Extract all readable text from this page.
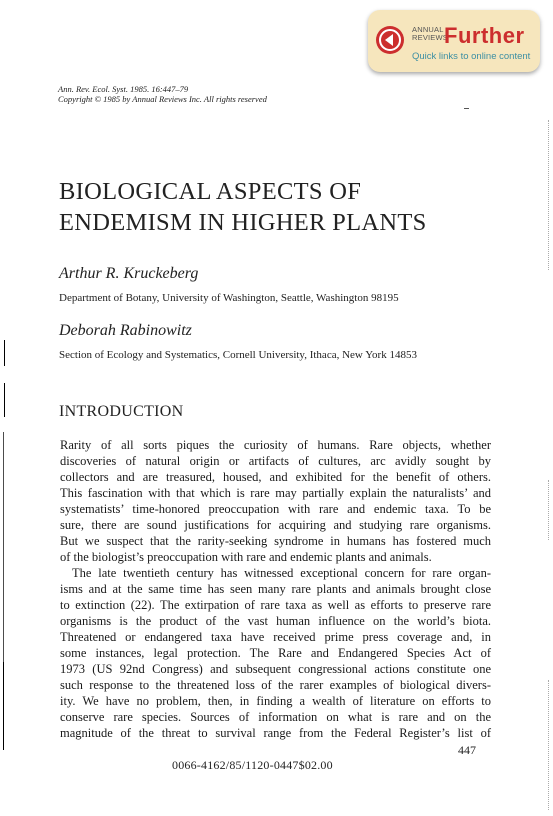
ANNUAL
REVIEWS
Further
Quick links to online content
Ann. Rev. Ecol. Syst. 1985. 16:447–79
Copyright © 1985 by Annual Reviews Inc. All rights reserved
BIOLOGICAL ASPECTS OF
ENDEMISM IN HIGHER PLANTS
Arthur R. Kruckeberg
Department of Botany, University of Washington, Seattle, Washington 98195
Deborah Rabinowitz
Section of Ecology and Systematics, Cornell University, Ithaca, New York 14853
INTRODUCTION
Rarity of all sorts piques the curiosity of humans. Rare objects, whether
discoveries of natural origin or artifacts of cultures, arc avidly sought by
collectors and are treasured, housed, and exhibited for the benefit of others.
This fascination with that which is rare may partially explain the naturalists’ and
systematists’ time-honored preoccupation with rare and endemic taxa. To be
sure, there are sound justifications for acquiring and studying rare organisms.
But we suspect that the rarity-seeking syndrome in humans has fostered much
of the biologist’s preoccupation with rare and endemic plants and animals.
The late twentieth century has witnessed exceptional concern for rare organ-
isms and at the same time has seen many rare plants and animals brought close
to extinction (22). The extirpation of rare taxa as well as efforts to preserve rare
organisms is the product of the vast human influence on the world’s biota.
Threatened or endangered taxa have received prime press coverage and, in
some instances, legal protection. The Rare and Endangered Species Act of
1973 (US 92nd Congress) and subsequent congressional actions constitute one
such response to the threatened loss of the rarer examples of biological divers-
ity. We have no problem, then, in finding a wealth of literature on efforts to
conserve rare species. Sources of information on what is rare and on the
magnitude of the threat to survival range from the Federal Register’s list of
447
0066-4162/85/1120-0447$02.00
